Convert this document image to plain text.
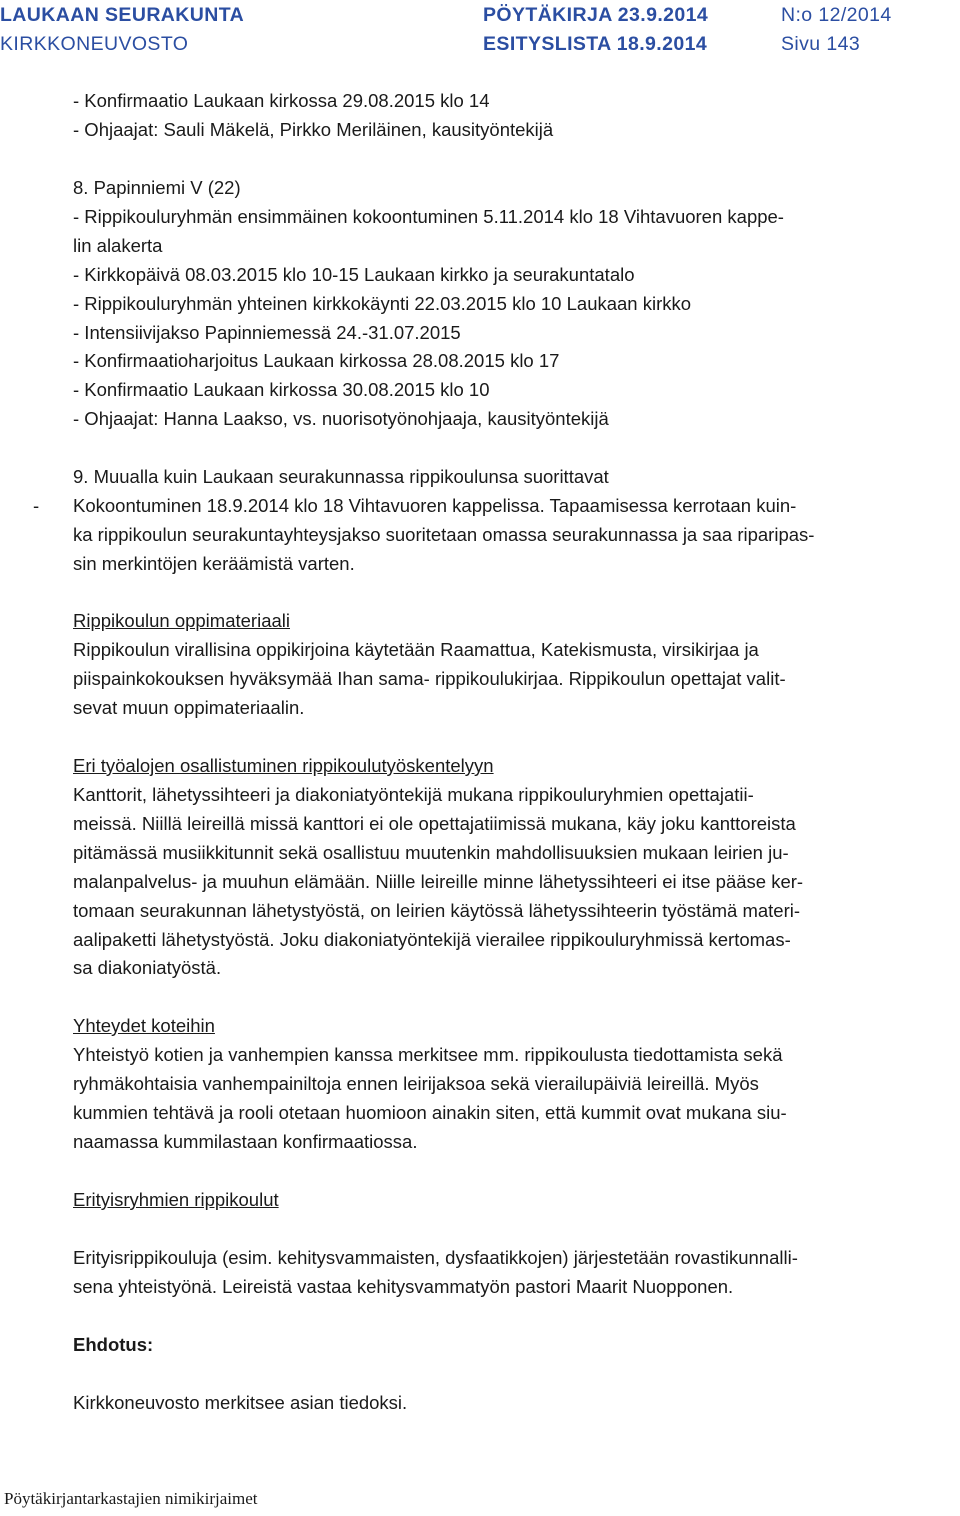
LAUKAAN SEURAKUNTA	PÖYTÄKIRJA 23.9.2014	N:o 12/2014
KIRKKONEUVOSTO	ESITYSLISTA 18.9.2014	Sivu 143
- Konfirmaatio Laukaan kirkossa 29.08.2015 klo 14
- Ohjaajat: Sauli Mäkelä, Pirkko Meriläinen, kausityöntekijä
8. Papinniemi V (22)
- Rippikouluryhmän ensimmäinen kokoontuminen 5.11.2014 klo 18 Vihtavuoren kappe-
lin alakerta
- Kirkkopäivä 08.03.2015 klo 10-15 Laukaan kirkko ja seurakuntatalo
- Rippikouluryhmän yhteinen kirkkokäynti 22.03.2015 klo 10 Laukaan kirkko
- Intensiivijakso Papinniemessä 24.-31.07.2015
- Konfirmaatioharjoitus Laukaan kirkossa 28.08.2015 klo 17
- Konfirmaatio Laukaan kirkossa 30.08.2015 klo 10
- Ohjaajat: Hanna Laakso, vs. nuorisotyönohjaaja, kausityöntekijä
9. Muualla kuin Laukaan seurakunnassa rippikoulunsa suorittavat
- Kokoontuminen 18.9.2014 klo 18 Vihtavuoren kappelissa. Tapaamisessa kerrotaan kuin-
ka rippikoulun seurakuntayhteysjakso suoritetaan omassa seurakunnassa ja saa riparipas-
sin merkintöjen keräämistä varten.
Rippikoulun oppimateriaali
Rippikoulun virallisina oppikirjoina käytetään Raamattua, Katekismusta, virsikirjaa ja
piispainkokouksen hyväksymää Ihan sama- rippikoulukirjaa. Rippikoulun opettajat valit-
sevat muun oppimateriaalin.
Eri työalojen osallistuminen rippikoulutyöskentelyyn
Kanttorit, lähetyssihteeri ja diakoniatyöntekijä mukana rippikouluryhmien opettajatii-
meissä. Niillä leireillä missä kanttori ei ole opettajatiimissä mukana, käy joku kanttoreista
pitämässä musiikkitunnit sekä osallistuu muutenkin mahdollisuuksien mukaan leirien ju-
malanpalvelus- ja muuhun elämään. Niille leireille minne lähetyssihteeri ei itse pääse ker-
tomaan seurakunnan lähetystyöstä, on leirien käytössä lähetyssihteerin työstämä materi-
aalipaketti lähetystyöstä. Joku diakoniatyöntekijä vierailee rippikouluryhmissä kertomas-
sa diakoniatyöstä.
Yhteydet koteihin
Yhteistyö kotien ja vanhempien kanssa merkitsee mm. rippikoulusta tiedottamista sekä
ryhmäkohtaisia vanhempainiltoja ennen leirijaksoa sekä vierailupäiviä leireillä. Myös
kummien tehtävä ja rooli otetaan huomioon ainakin siten, että kummit ovat mukana siu-
naamassa kummilastaan konfirmaatiossa.
Erityisryhmien rippikoulut
Erityisrippikouluja (esim. kehitysvammaisten, dysfaatikkojen) järjestetään rovastikunnalli-
sena yhteistyönä. Leireistä vastaa kehitysvammatyön pastori Maarit Nuopponen.
Ehdotus:
Kirkkoneuvosto merkitsee asian tiedoksi.
Pöytäkirjantarkastajien nimikirjaimet
